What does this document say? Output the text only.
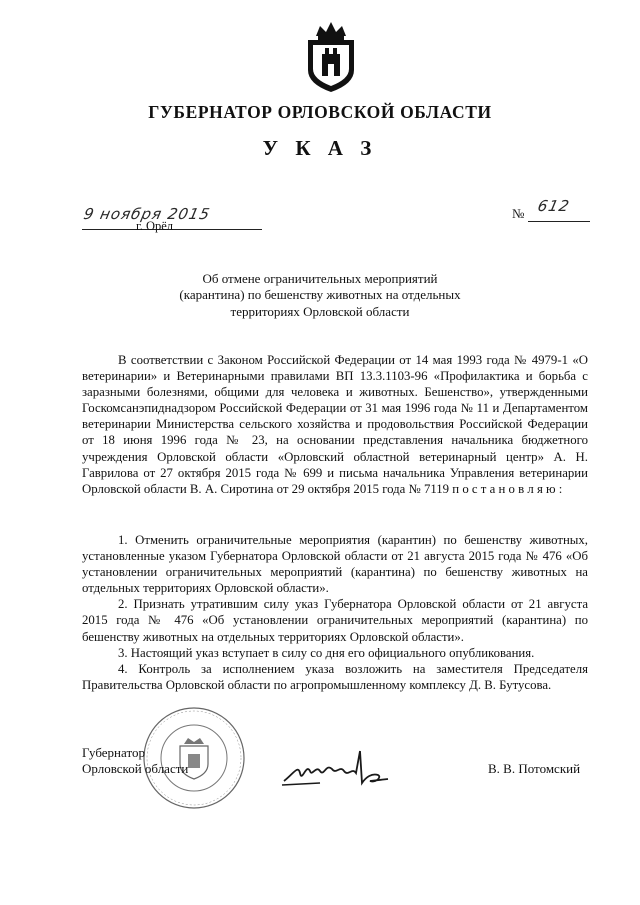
ГУБЕРНАТОР ОРЛОВСКОЙ ОБЛАСТИ
У К А З
9 ноября 2015
г. Орёл
№ 612
Об отмене ограничительных мероприятий
(карантина) по бешенству животных на отдельных
территориях Орловской области

В соответствии с Законом Российской Федерации от 14 мая 1993 года № 4979-1 «О ветеринарии» и Ветеринарными правилами ВП 13.3.1103-96 «Профилактика и борьба с заразными болезнями, общими для человека и животных. Бешенство», утвержденными Госкомсанэпиднадзором Российской Федерации от 31 мая 1996 года № 11 и Департаментом ветеринарии Министерства сельского хозяйства и продовольствия Российской Федерации от 18 июня 1996 года № 23, на основании представления начальника бюджетного учреждения Орловской области «Орловский областной ветеринарный центр» А. Н. Гаврилова от 27 октября 2015 года № 699 и письма начальника Управления ветеринарии Орловской области В. А. Сиротина от 29 октября 2015 года № 7119 п о с т а н о в л я ю :

1. Отменить ограничительные мероприятия (карантин) по бешенству животных, установленные указом Губернатора Орловской области от 21 августа 2015 года № 476 «Об установлении ограничительных мероприятий (карантина) по бешенству животных на отдельных территориях Орловской области».

2. Признать утратившим силу указ Губернатора Орловской области от 21 августа 2015 года № 476 «Об установлении ограничительных мероприятий (карантина) по бешенству животных на отдельных территориях Орловской области».

3. Настоящий указ вступает в силу со дня его официального опубликования.

4. Контроль за исполнением указа возложить на заместителя Председателя Правительства Орловской области по агропромышленному комплексу Д. В. Бутусова.

Губернатор
Орловской области	В. В. Потомский
